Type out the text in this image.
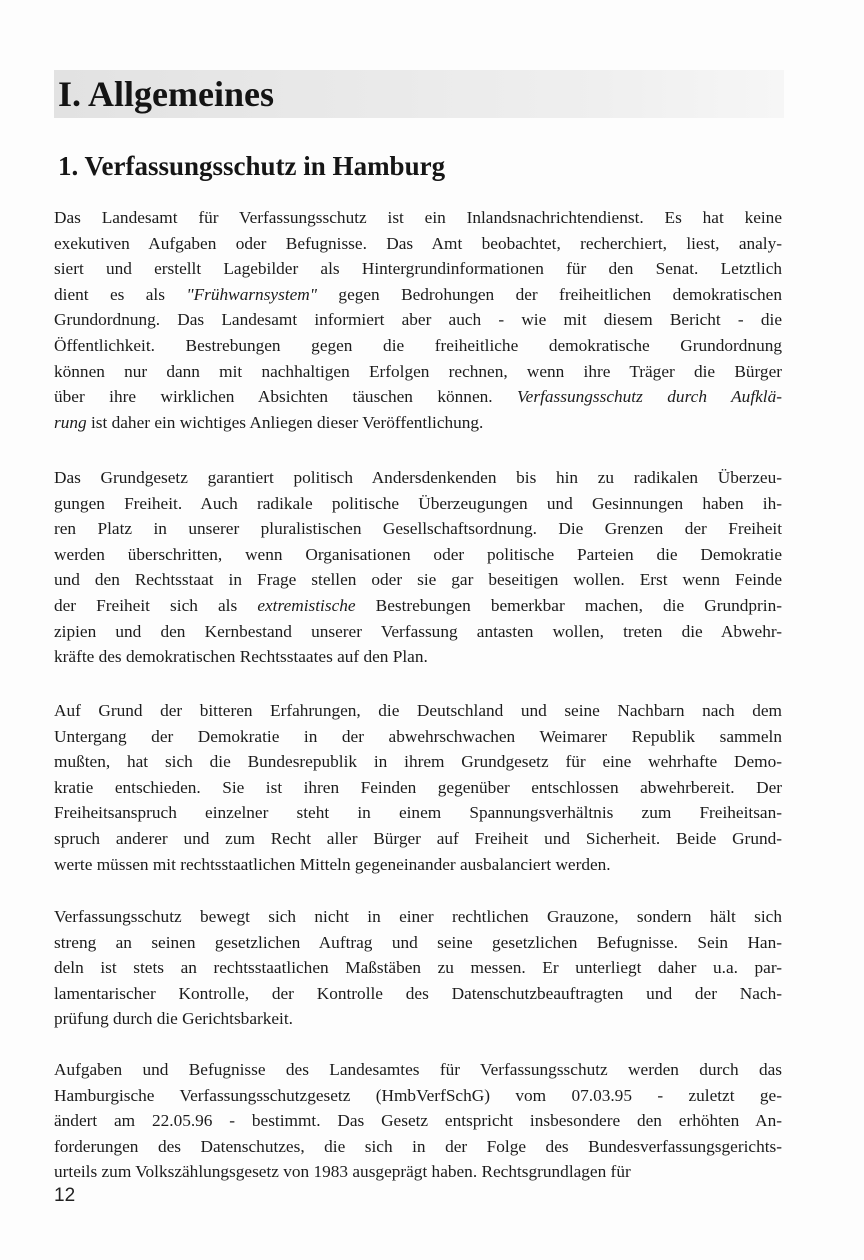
I. Allgemeines
1. Verfassungsschutz in Hamburg
Das Landesamt für Verfassungsschutz ist ein Inlandsnachrichtendienst. Es hat keine
exekutiven Aufgaben oder Befugnisse. Das Amt beobachtet, recherchiert, liest, analy-
siert und erstellt Lagebilder als Hintergrundinformationen für den Senat. Letztlich
dient es als "Frühwarnsystem" gegen Bedrohungen der freiheitlichen demokratischen
Grundordnung. Das Landesamt informiert aber auch - wie mit diesem Bericht - die
Öffentlichkeit. Bestrebungen gegen die freiheitliche demokratische Grundordnung
können nur dann mit nachhaltigen Erfolgen rechnen, wenn ihre Träger die Bürger
über ihre wirklichen Absichten täuschen können. Verfassungsschutz durch Aufklä-
rung ist daher ein wichtiges Anliegen dieser Veröffentlichung.
Das Grundgesetz garantiert politisch Andersdenkenden bis hin zu radikalen Überzeu-
gungen Freiheit. Auch radikale politische Überzeugungen und Gesinnungen haben ih-
ren Platz in unserer pluralistischen Gesellschaftsordnung. Die Grenzen der Freiheit
werden überschritten, wenn Organisationen oder politische Parteien die Demokratie
und den Rechtsstaat in Frage stellen oder sie gar beseitigen wollen. Erst wenn Feinde
der Freiheit sich als extremistische Bestrebungen bemerkbar machen, die Grundprin-
zipien und den Kernbestand unserer Verfassung antasten wollen, treten die Abwehr-
kräfte des demokratischen Rechtsstaates auf den Plan.
Auf Grund der bitteren Erfahrungen, die Deutschland und seine Nachbarn nach dem
Untergang der Demokratie in der abwehrschwachen Weimarer Republik sammeln
mußten, hat sich die Bundesrepublik in ihrem Grundgesetz für eine wehrhafte Demo-
kratie entschieden. Sie ist ihren Feinden gegenüber entschlossen abwehrbereit. Der
Freiheitsanspruch einzelner steht in einem Spannungsverhältnis zum Freiheitsan-
spruch anderer und zum Recht aller Bürger auf Freiheit und Sicherheit. Beide Grund-
werte müssen mit rechtsstaatlichen Mitteln gegeneinander ausbalanciert werden.
Verfassungsschutz bewegt sich nicht in einer rechtlichen Grauzone, sondern hält sich
streng an seinen gesetzlichen Auftrag und seine gesetzlichen Befugnisse. Sein Han-
deln ist stets an rechtsstaatlichen Maßstäben zu messen. Er unterliegt daher u.a. par-
lamentarischer Kontrolle, der Kontrolle des Datenschutzbeauftragten und der Nach-
prüfung durch die Gerichtsbarkeit.
Aufgaben und Befugnisse des Landesamtes für Verfassungsschutz werden durch das
Hamburgische Verfassungsschutzgesetz (HmbVerfSchG) vom 07.03.95 - zuletzt ge-
ändert am 22.05.96 - bestimmt. Das Gesetz entspricht insbesondere den erhöhten An-
forderungen des Datenschutzes, die sich in der Folge des Bundesverfassungsgerichts-
urteils zum Volkszählungsgesetz von 1983 ausgeprägt haben. Rechtsgrundlagen für
12
